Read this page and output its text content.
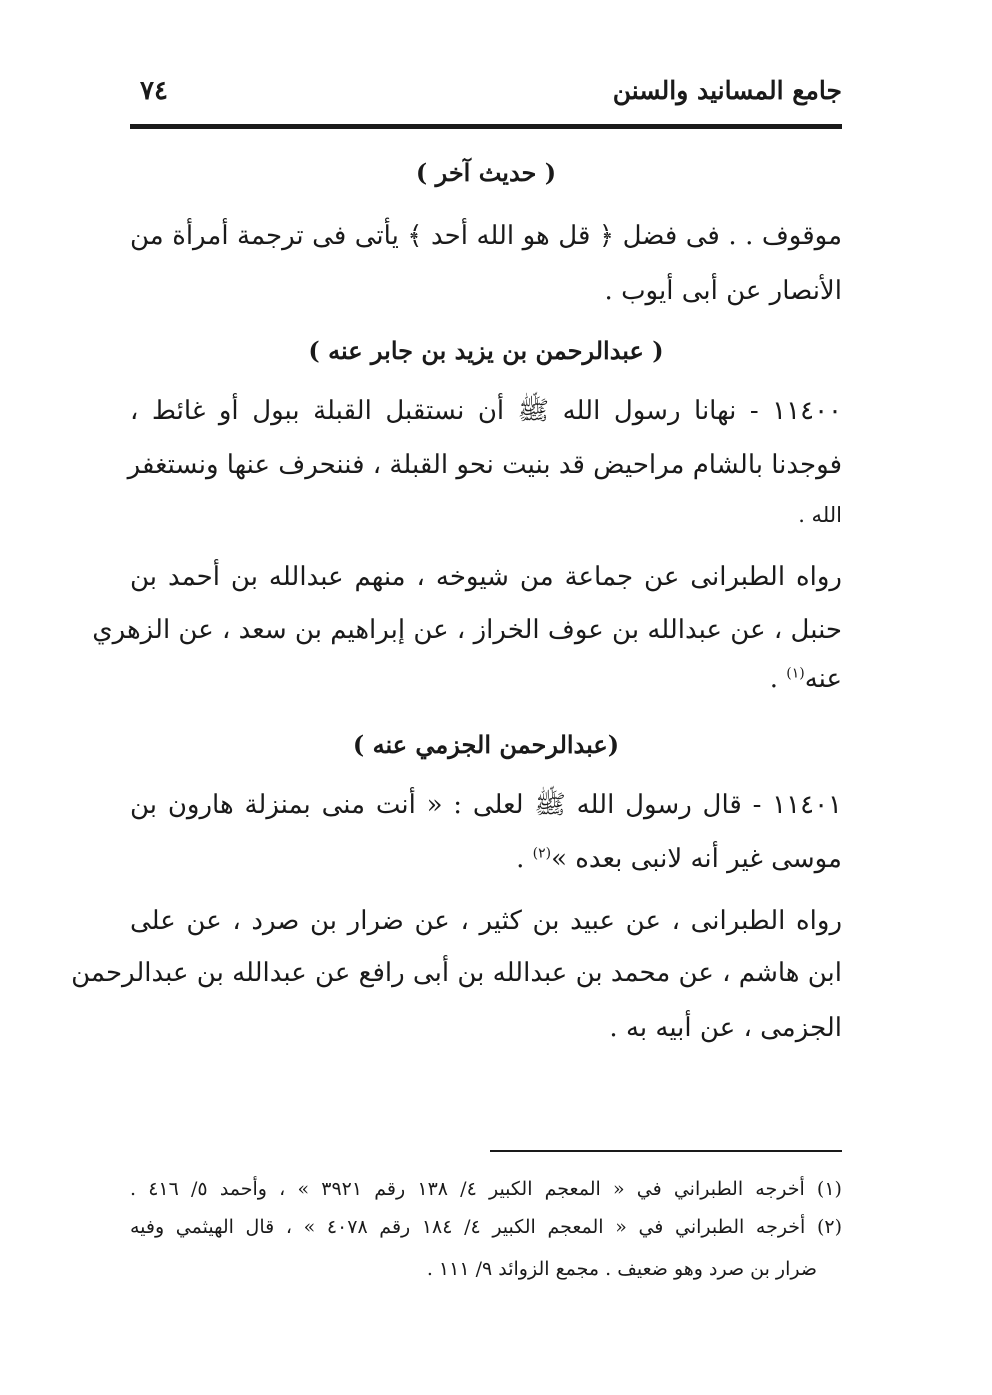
جامع المسانيد والسنن
٧٤
( حديث آخر )
موقوف . . فى فضل ﴿ قل هو الله أحد ﴾ يأتى فى ترجمة أمرأة من
الأنصار عن أبى أيوب .
( عبدالرحمن بن يزيد بن جابر عنه )
١١٤٠٠ - نهانا رسول الله ﷺ أن نستقبل القبلة ببول أو غائط ،
فوجدنا بالشام مراحيض قد بنيت نحو القبلة ، فننحرف عنها ونستغفر
الله .
رواه الطبرانى عن جماعة من شيوخه ، منهم عبدالله بن أحمد بن
حنبل ، عن عبدالله بن عوف الخراز ، عن إبراهيم بن سعد ، عن الزهري
عنه$^{(١)}$ .
(عبدالرحمن الجزمي عنه )
١١٤٠١ - قال رسول الله ﷺ لعلى : « أنت منى بمنزلة هارون بن
موسى غير أنه لانبى بعده »$^{(٢)}$ .
رواه الطبرانى ، عن عبيد بن كثير ، عن ضرار بن صرد ، عن على
ابن هاشم ، عن محمد بن عبدالله بن أبى رافع عن عبدالله بن عبدالرحمن
الجزمى ، عن أبيه به .
(١) أخرجه الطبراني في « المعجم الكبير ٤/ ١٣٨ رقم ٣٩٢١ » ، وأحمد ٥/ ٤١٦ .
(٢) أخرجه الطبراني في « المعجم الكبير ٤/ ١٨٤ رقم ٤٠٧٨ » ، قال الهيثمي وفيه
ضرار بن صرد وهو ضعيف . مجمع الزوائد ٩/ ١١١ .
